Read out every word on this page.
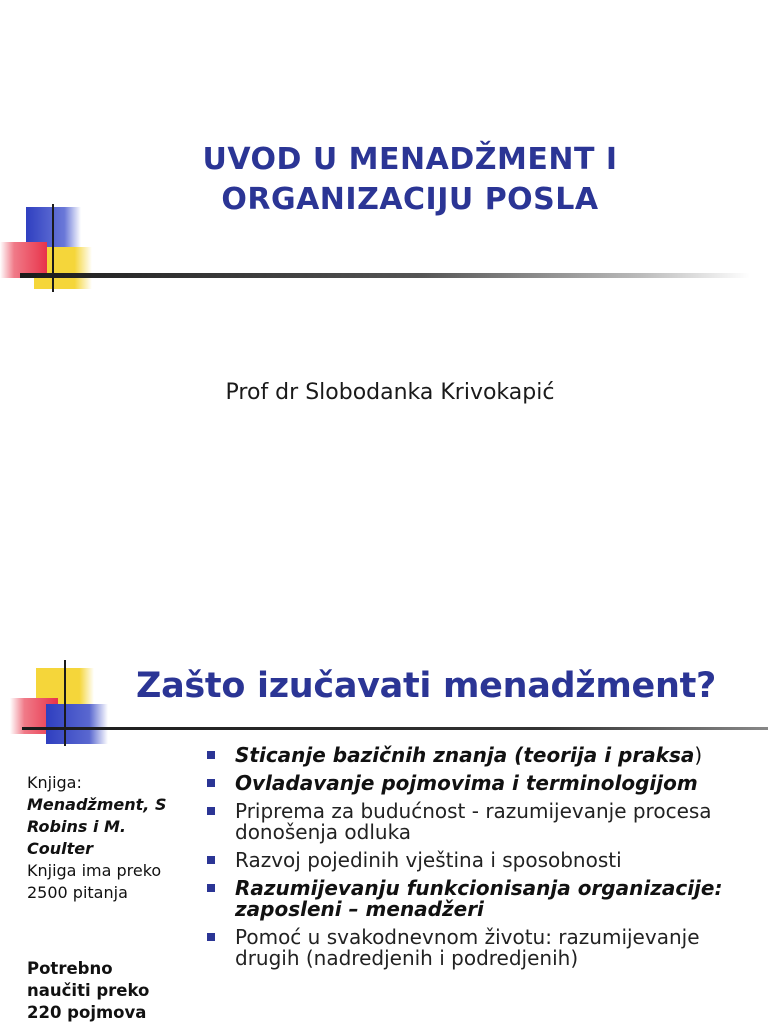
UVOD U MENADŽMENT I
ORGANIZACIJU POSLA
Prof dr Slobodanka Krivokapić
Zašto izučavati menadžment?
Knjiga:
Menadžment, S Robins i M. Coulter
Knjiga ima preko 2500 pitanja
Potrebno naučiti preko 220 pojmova
Sticanje bazičnih znanja (teorija i praksa)
Ovladavanje pojmovima i terminologijom
Priprema za budućnost - razumijevanje procesa donošenja odluka
Razvoj pojedinih vještina i sposobnosti
Razumijevanju funkcionisanja organizacije: zaposleni – menadžeri
Pomoć u svakodnevnom životu: razumijevanje drugih (nadredjenih i podredjenih)
